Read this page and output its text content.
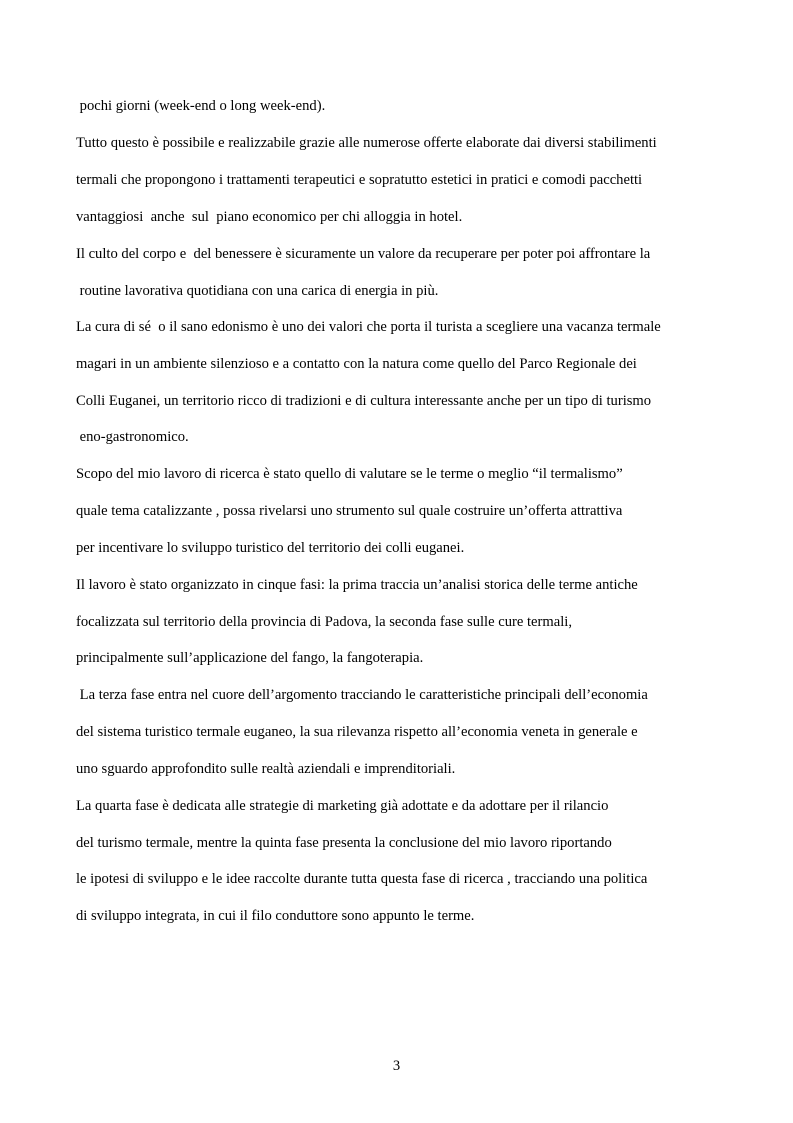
pochi giorni (week-end o long week-end).
Tutto questo è possibile e realizzabile grazie alle numerose offerte elaborate dai diversi stabilimenti
termali che propongono i trattamenti terapeutici e sopratutto estetici in pratici e comodi pacchetti
vantaggiosi  anche  sul  piano economico per chi alloggia in hotel.
Il culto del corpo e  del benessere è sicuramente un valore da recuperare per poter poi affrontare la
routine lavorativa quotidiana con una carica di energia in più.
La cura di sé  o il sano edonismo è uno dei valori che porta il turista a scegliere una vacanza termale
magari in un ambiente silenzioso e a contatto con la natura come quello del Parco Regionale dei
Colli Euganei, un territorio ricco di tradizioni e di cultura interessante anche per un tipo di turismo
eno-gastronomico.
Scopo del mio lavoro di ricerca è stato quello di valutare se le terme o meglio “il termalismo”
quale tema catalizzante , possa rivelarsi uno strumento sul quale costruire un’offerta attrattiva
per incentivare lo sviluppo turistico del territorio dei colli euganei.
Il lavoro è stato organizzato in cinque fasi: la prima traccia un’analisi storica delle terme antiche
focalizzata sul territorio della provincia di Padova, la seconda fase sulle cure termali,
principalmente sull’applicazione del fango, la fangoterapia.
La terza fase entra nel cuore dell’argomento tracciando le caratteristiche principali dell’economia
del sistema turistico termale euganeo, la sua rilevanza rispetto all’economia veneta in generale e
uno sguardo approfondito sulle realtà aziendali e imprenditoriali.
La quarta fase è dedicata alle strategie di marketing già adottate e da adottare per il rilancio
del turismo termale, mentre la quinta fase presenta la conclusione del mio lavoro riportando
le ipotesi di sviluppo e le idee raccolte durante tutta questa fase di ricerca , tracciando una politica
di sviluppo integrata, in cui il filo conduttore sono appunto le terme.
3
